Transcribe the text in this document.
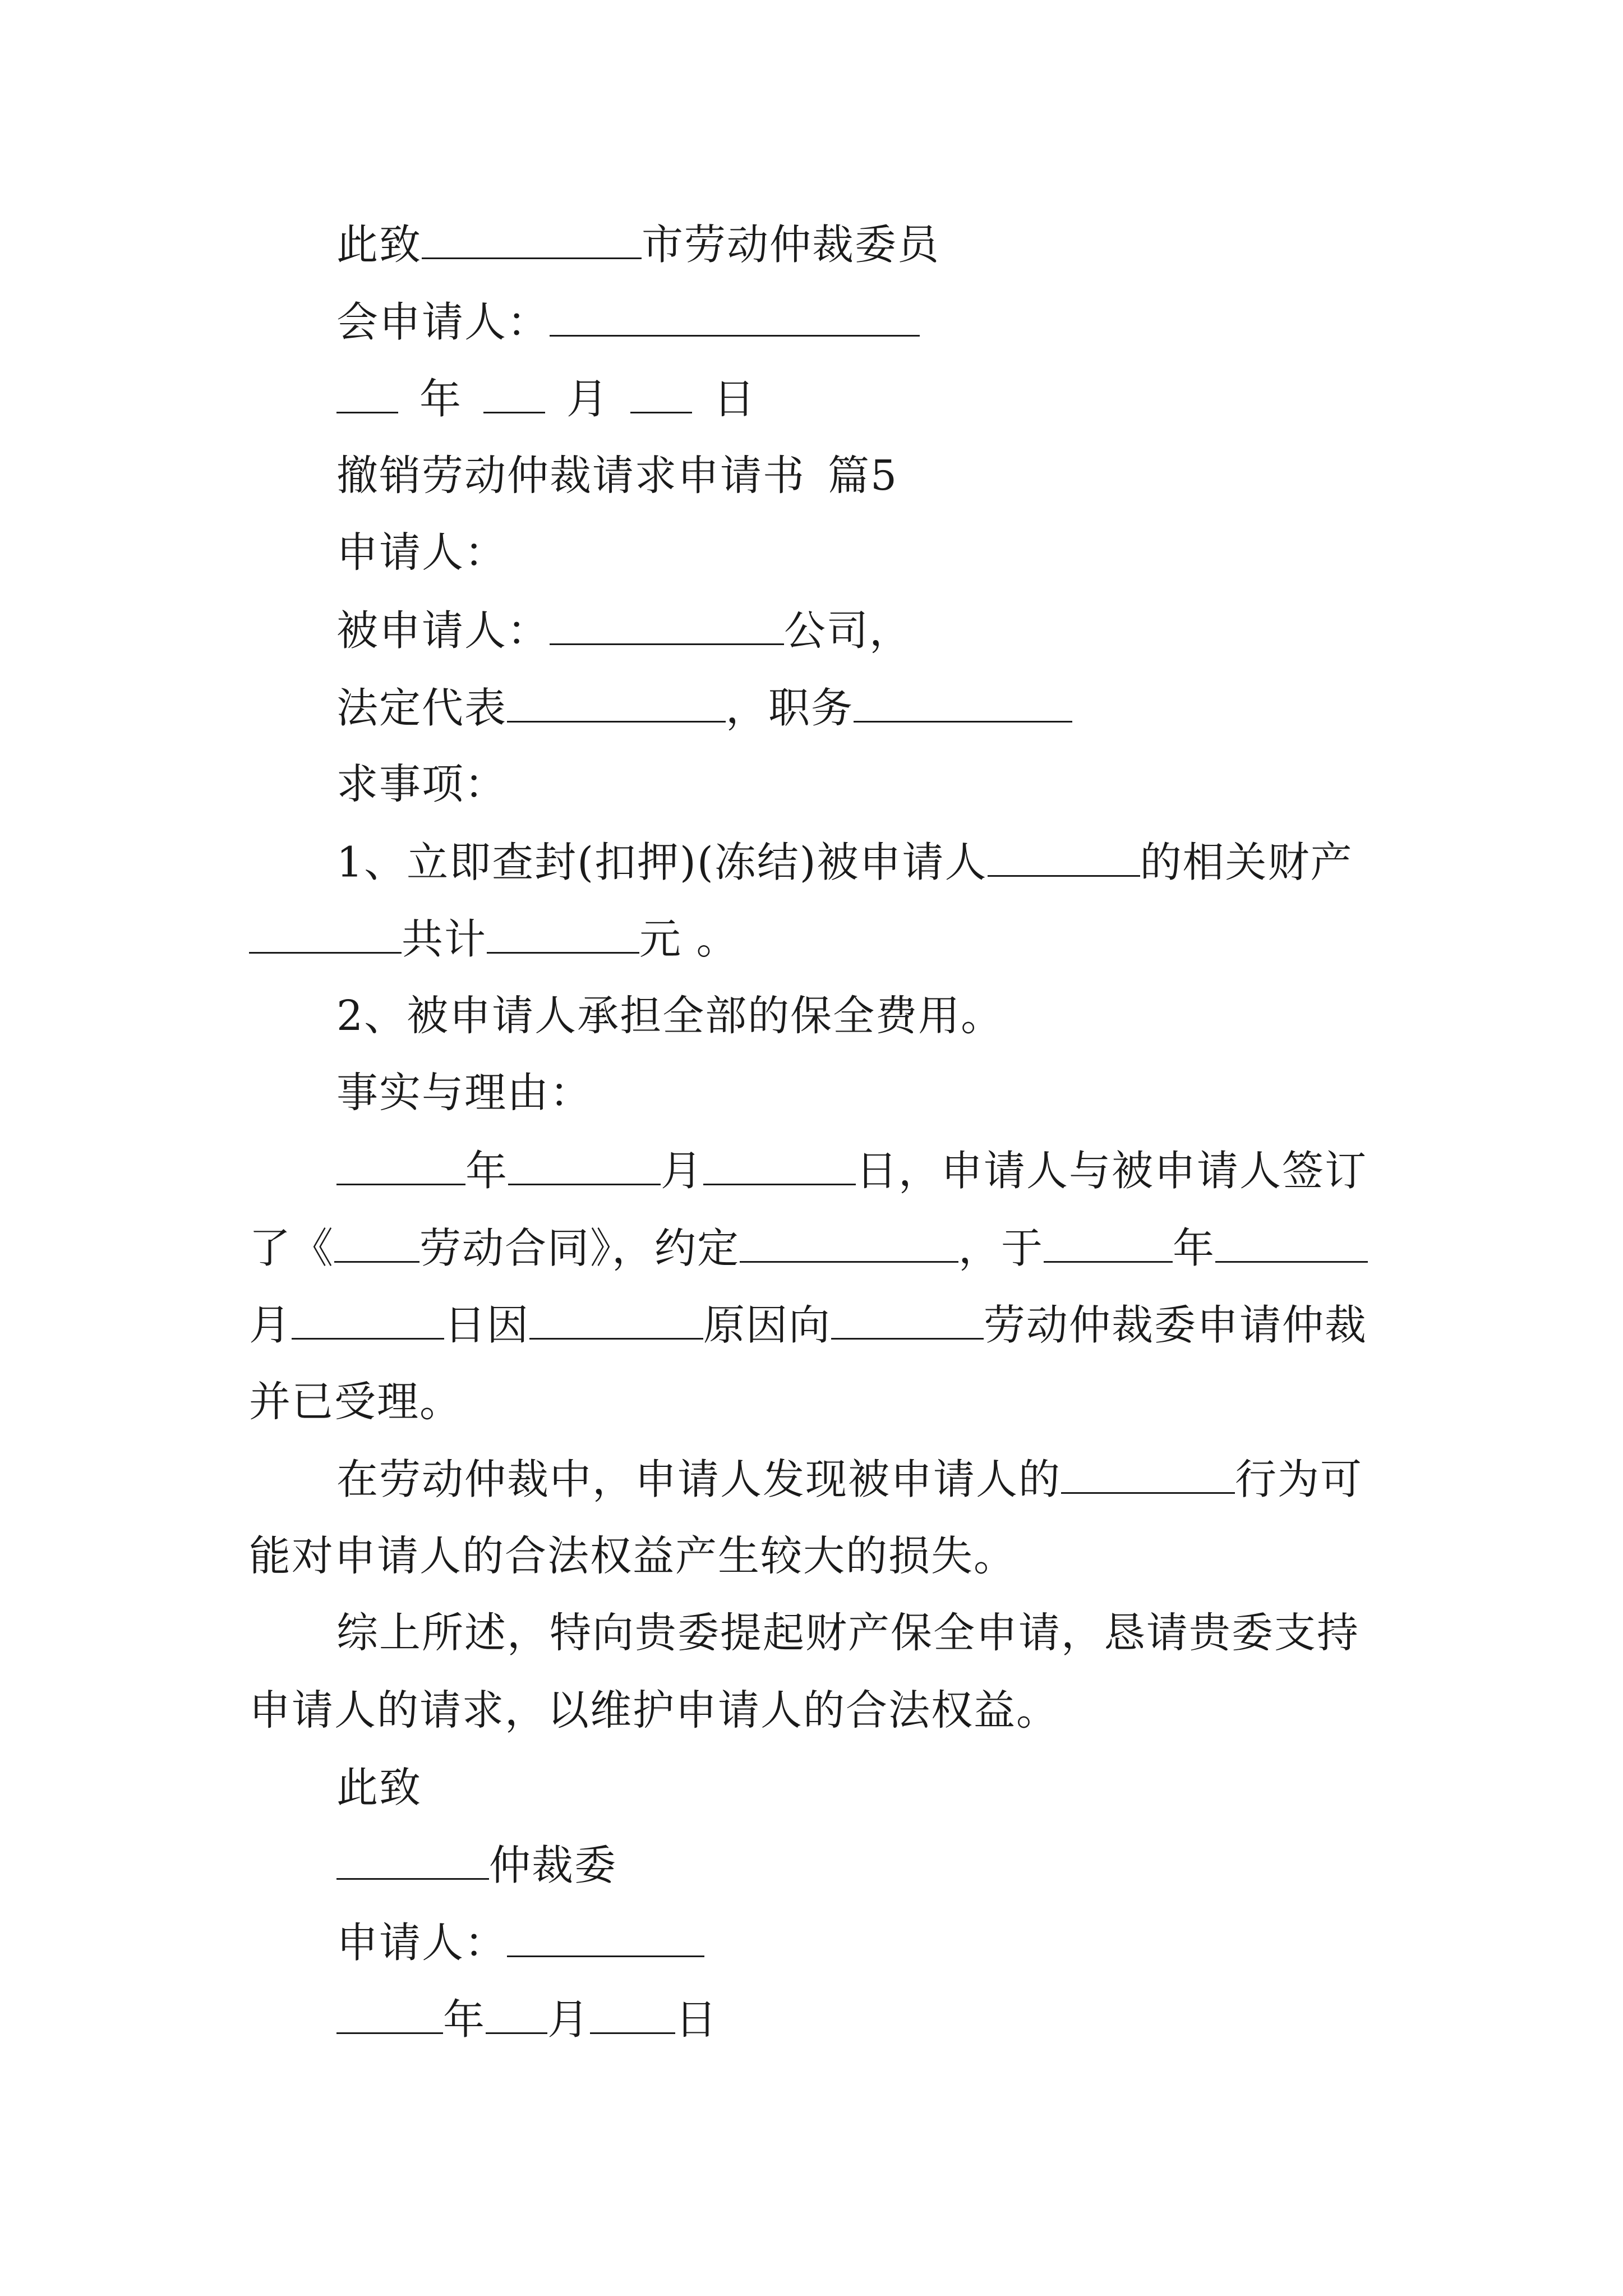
此致	市劳动仲裁委员
会申请人：
年	月	日
撤销劳动仲裁请求申请书 篇5
申请人：
被申请人：	公司，
法定代表	，职务
求事项：
1、立即查封(扣押)(冻结)被申请人	的相关财产
共计	元 。
2、被申请人承担全部的保全费用。
事实与理由：
年	月	日，申请人与被申请人签订
了《 劳动合同》，约定	，于	年
月	日因	原因向	劳动仲裁委申请仲裁
并已受理。
在劳动仲裁中，申请人发现被申请人的	行为可
能对申请人的合法权益产生较大的损失。
综上所述，特向贵委提起财产保全申请，恳请贵委支持
申请人的请求，以维护申请人的合法权益。
此致
仲裁委
申请人：
年 月 日
